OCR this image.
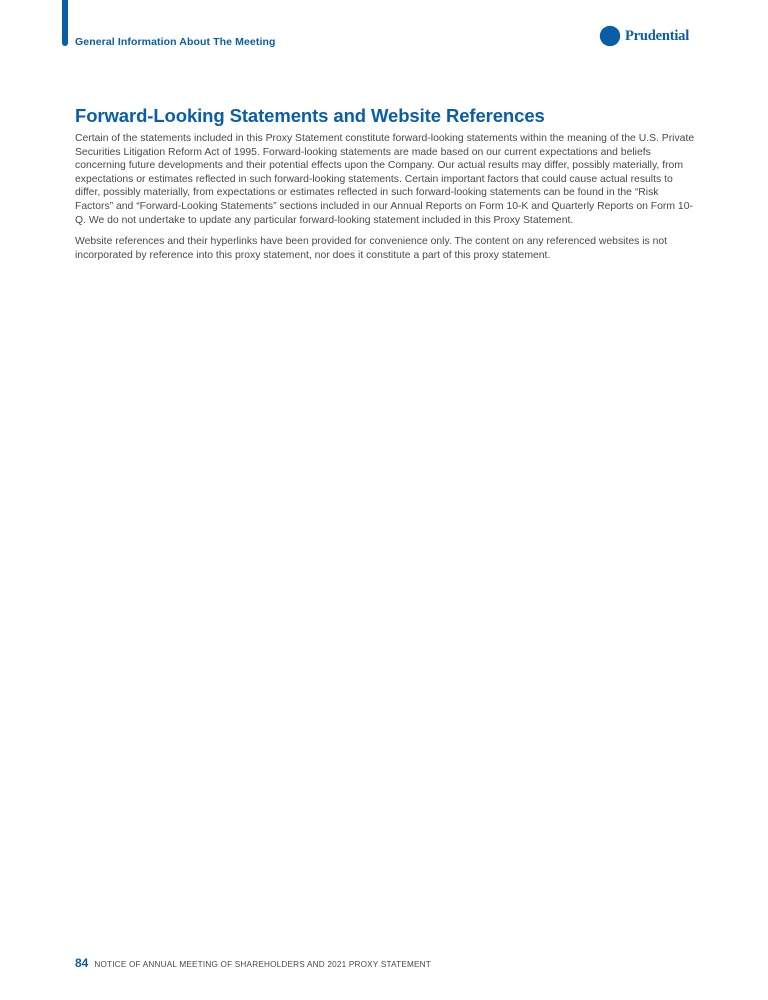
General Information About The Meeting	Prudential
Forward-Looking Statements and Website References

Certain of the statements included in this Proxy Statement constitute forward-looking statements within the meaning of the U.S. Private Securities Litigation Reform Act of 1995. Forward-looking statements are made based on our current expectations and beliefs concerning future developments and their potential effects upon the Company. Our actual results may differ, possibly materially, from expectations or estimates reflected in such forward-looking statements. Certain important factors that could cause actual results to differ, possibly materially, from expectations or estimates reflected in such forward-looking statements can be found in the “Risk Factors” and “Forward-Looking Statements” sections included in our Annual Reports on Form 10-K and Quarterly Reports on Form 10-Q. We do not undertake to update any particular forward-looking statement included in this Proxy Statement.

Website references and their hyperlinks have been provided for convenience only. The content on any referenced websites is not incorporated by reference into this proxy statement, nor does it constitute a part of this proxy statement.

84 NOTICE OF ANNUAL MEETING OF SHAREHOLDERS AND 2021 PROXY STATEMENT
